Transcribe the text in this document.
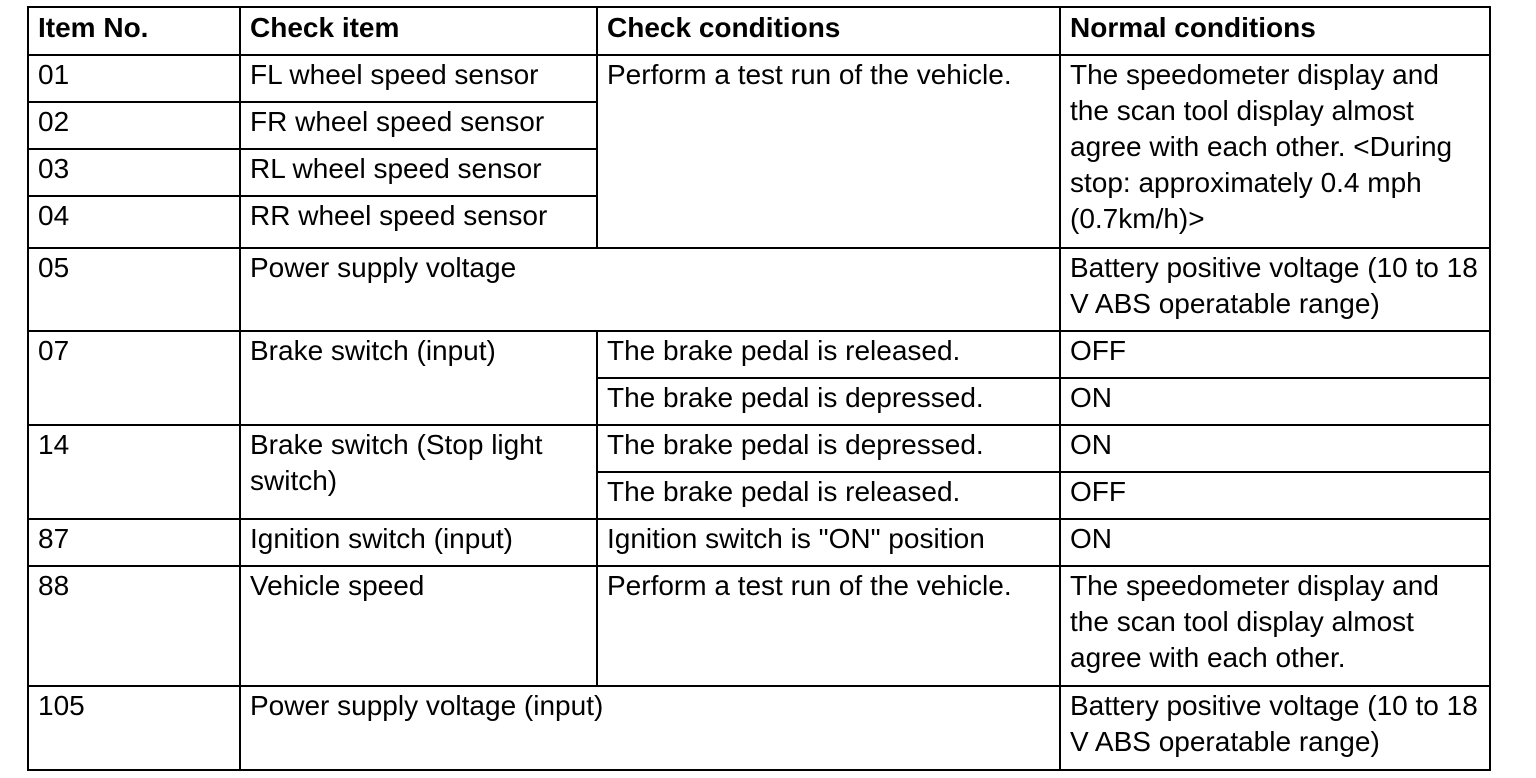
Item No.	Check item	Check conditions	Normal conditions
01	FL wheel speed sensor	Perform a test run of the vehicle.	The speedometer display and the scan tool display almost agree with each other. <During stop: approximately 0.4 mph (0.7km/h)>
02	FR wheel speed sensor		
03	RL wheel speed sensor		
04	RR wheel speed sensor		
05	Power supply voltage		Battery positive voltage (10 to 18 V ABS operatable range)
07	Brake switch (input)	The brake pedal is released.	OFF
		The brake pedal is depressed.	ON
14	Brake switch (Stop light switch)	The brake pedal is depressed.	ON
		The brake pedal is released.	OFF
87	Ignition switch (input)	Ignition switch is "ON" position	ON
88	Vehicle speed	Perform a test run of the vehicle.	The speedometer display and the scan tool display almost agree with each other.
105	Power supply voltage (input)		Battery positive voltage (10 to 18 V ABS operatable range)
